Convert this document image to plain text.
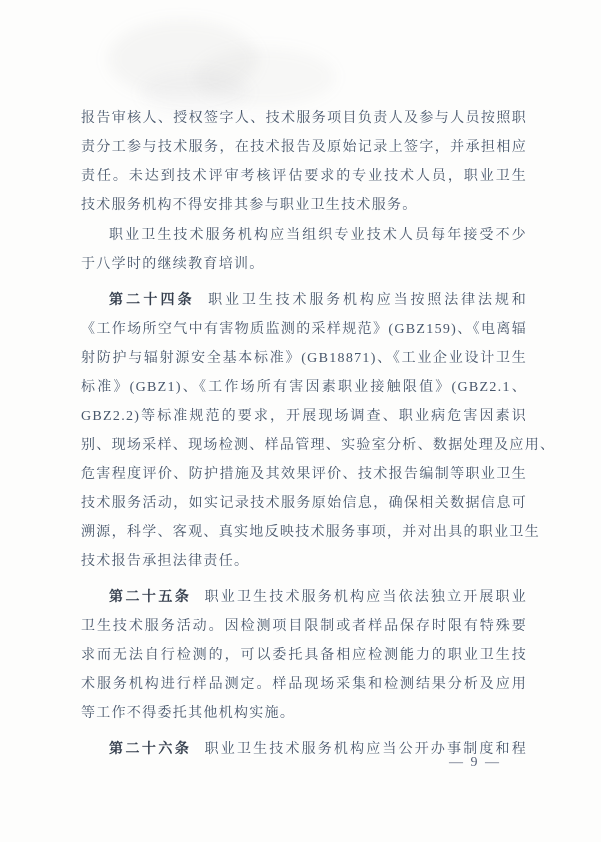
报告审核人、授权签字人、技术服务项目负责人及参与人员按照职
责分工参与技术服务，在技术报告及原始记录上签字，并承担相应
责任。未达到技术评审考核评估要求的专业技术人员，职业卫生
技术服务机构不得安排其参与职业卫生技术服务。
职业卫生技术服务机构应当组织专业技术人员每年接受不少
于八学时的继续教育培训。
第二十四条 职业卫生技术服务机构应当按照法律法规和
《工作场所空气中有害物质监测的采样规范》(GBZ159)、《电离辐
射防护与辐射源安全基本标准》(GB18871)、《工业企业设计卫生
标准》(GBZ1)、《工作场所有害因素职业接触限值》(GBZ2.1、
GBZ2.2)等标准规范的要求，开展现场调查、职业病危害因素识
别、现场采样、现场检测、样品管理、实验室分析、数据处理及应用、
危害程度评价、防护措施及其效果评价、技术报告编制等职业卫生
技术服务活动，如实记录技术服务原始信息，确保相关数据信息可
溯源，科学、客观、真实地反映技术服务事项，并对出具的职业卫生
技术报告承担法律责任。
第二十五条 职业卫生技术服务机构应当依法独立开展职业
卫生技术服务活动。因检测项目限制或者样品保存时限有特殊要
求而无法自行检测的，可以委托具备相应检测能力的职业卫生技
术服务机构进行样品测定。样品现场采集和检测结果分析及应用
等工作不得委托其他机构实施。
第二十六条 职业卫生技术服务机构应当公开办事制度和程
— 9 —
